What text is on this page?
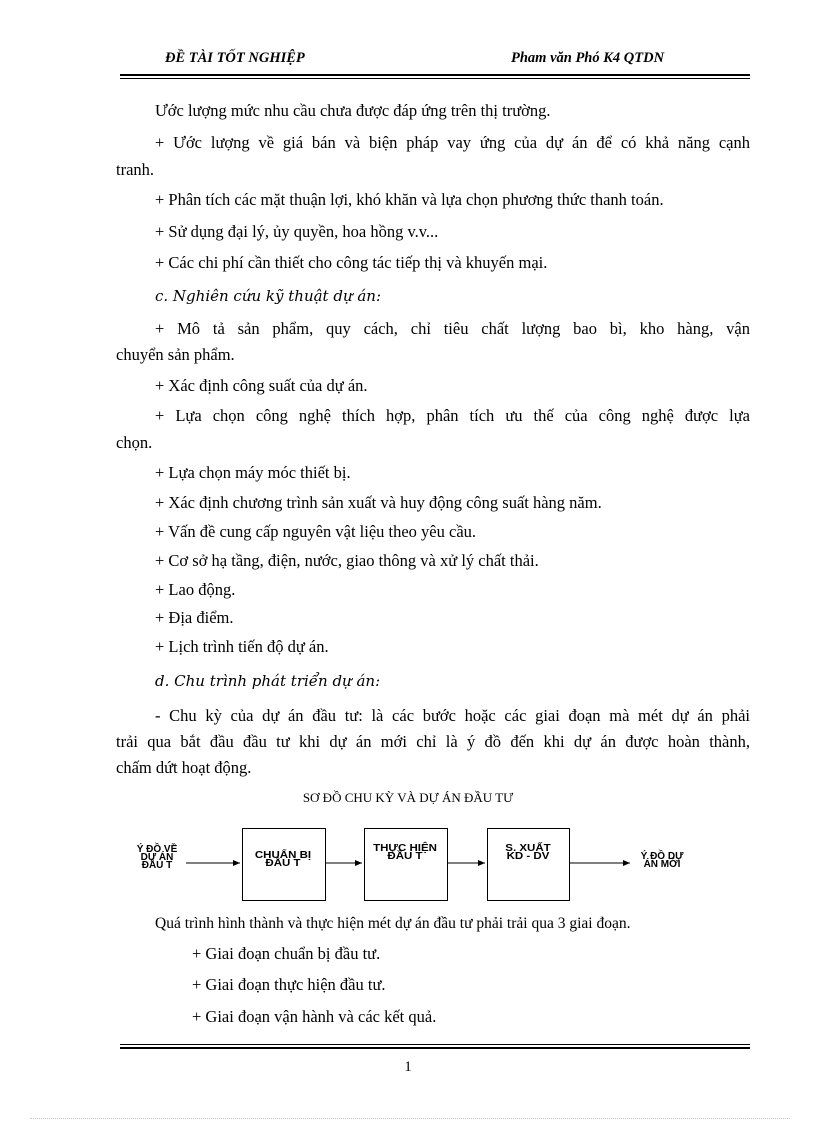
ĐỀ TÀI TỐT NGHIỆP	Pham văn Phó K4 QTDN
Ước lượng mức nhu cầu chưa được đáp ứng trên thị trường.
+ Ước lượng về giá bán và biện pháp vay ứng của dự án để có khả năng cạnh
tranh.
+ Phân tích các mặt thuận lợi, khó khăn và lựa chọn phương thức thanh toán.
+ Sử dụng đại lý, ủy quyền, hoa hồng v.v...
+ Các chi phí cần thiết cho công tác tiếp thị và khuyến mại.
c. Nghiên cứu kỹ thuật dự án:
+ Mô tả sản phẩm, quy cách, chỉ tiêu chất lượng bao bì, kho hàng, vận
chuyển sản phẩm.
+ Xác định công suất của dự án.
+ Lựa chọn công nghệ thích hợp, phân tích ưu thế của công nghệ được lựa
chọn.
+ Lựa chọn máy móc thiết bị.
+ Xác định chương trình sản xuất và huy động công suất hàng năm.
+ Vấn đề cung cấp nguyên vật liệu theo yêu cầu.
+ Cơ sở hạ tầng, điện, nước, giao thông và xử lý chất thải.
+ Lao động.
+ Địa điểm.
+ Lịch trình tiến độ dự án.
d. Chu trình phát triển dự án:
- Chu kỳ của dự án đầu tư: là các bước hoặc các giai đoạn mà mét dự án phải
trải qua bắt đầu đầu tư khi dự án mới chỉ là ý đồ đến khi dự án được hoàn thành,
chấm dứt hoạt động.
SƠ ĐỒ CHU KỲ VÀ DỰ ÁN ĐẦU TƯ
Ý ĐỒ VỀ
DỰ ÁN
ĐẦU T
CHUẨN BỊ
ĐẦU T
THỰC HIỆN
ĐẦU T
S. XUẤT
KD - DV	Ý ĐỒ DỰ
ÁN MỚI
Quá trình hình thành và thực hiện mét dự án đầu tư phải trải qua 3 giai đoạn.
+ Giai đoạn chuẩn bị đầu tư.
+ Giai đoạn thực hiện đầu tư.
+ Giai đoạn vận hành và các kết quả.
1
